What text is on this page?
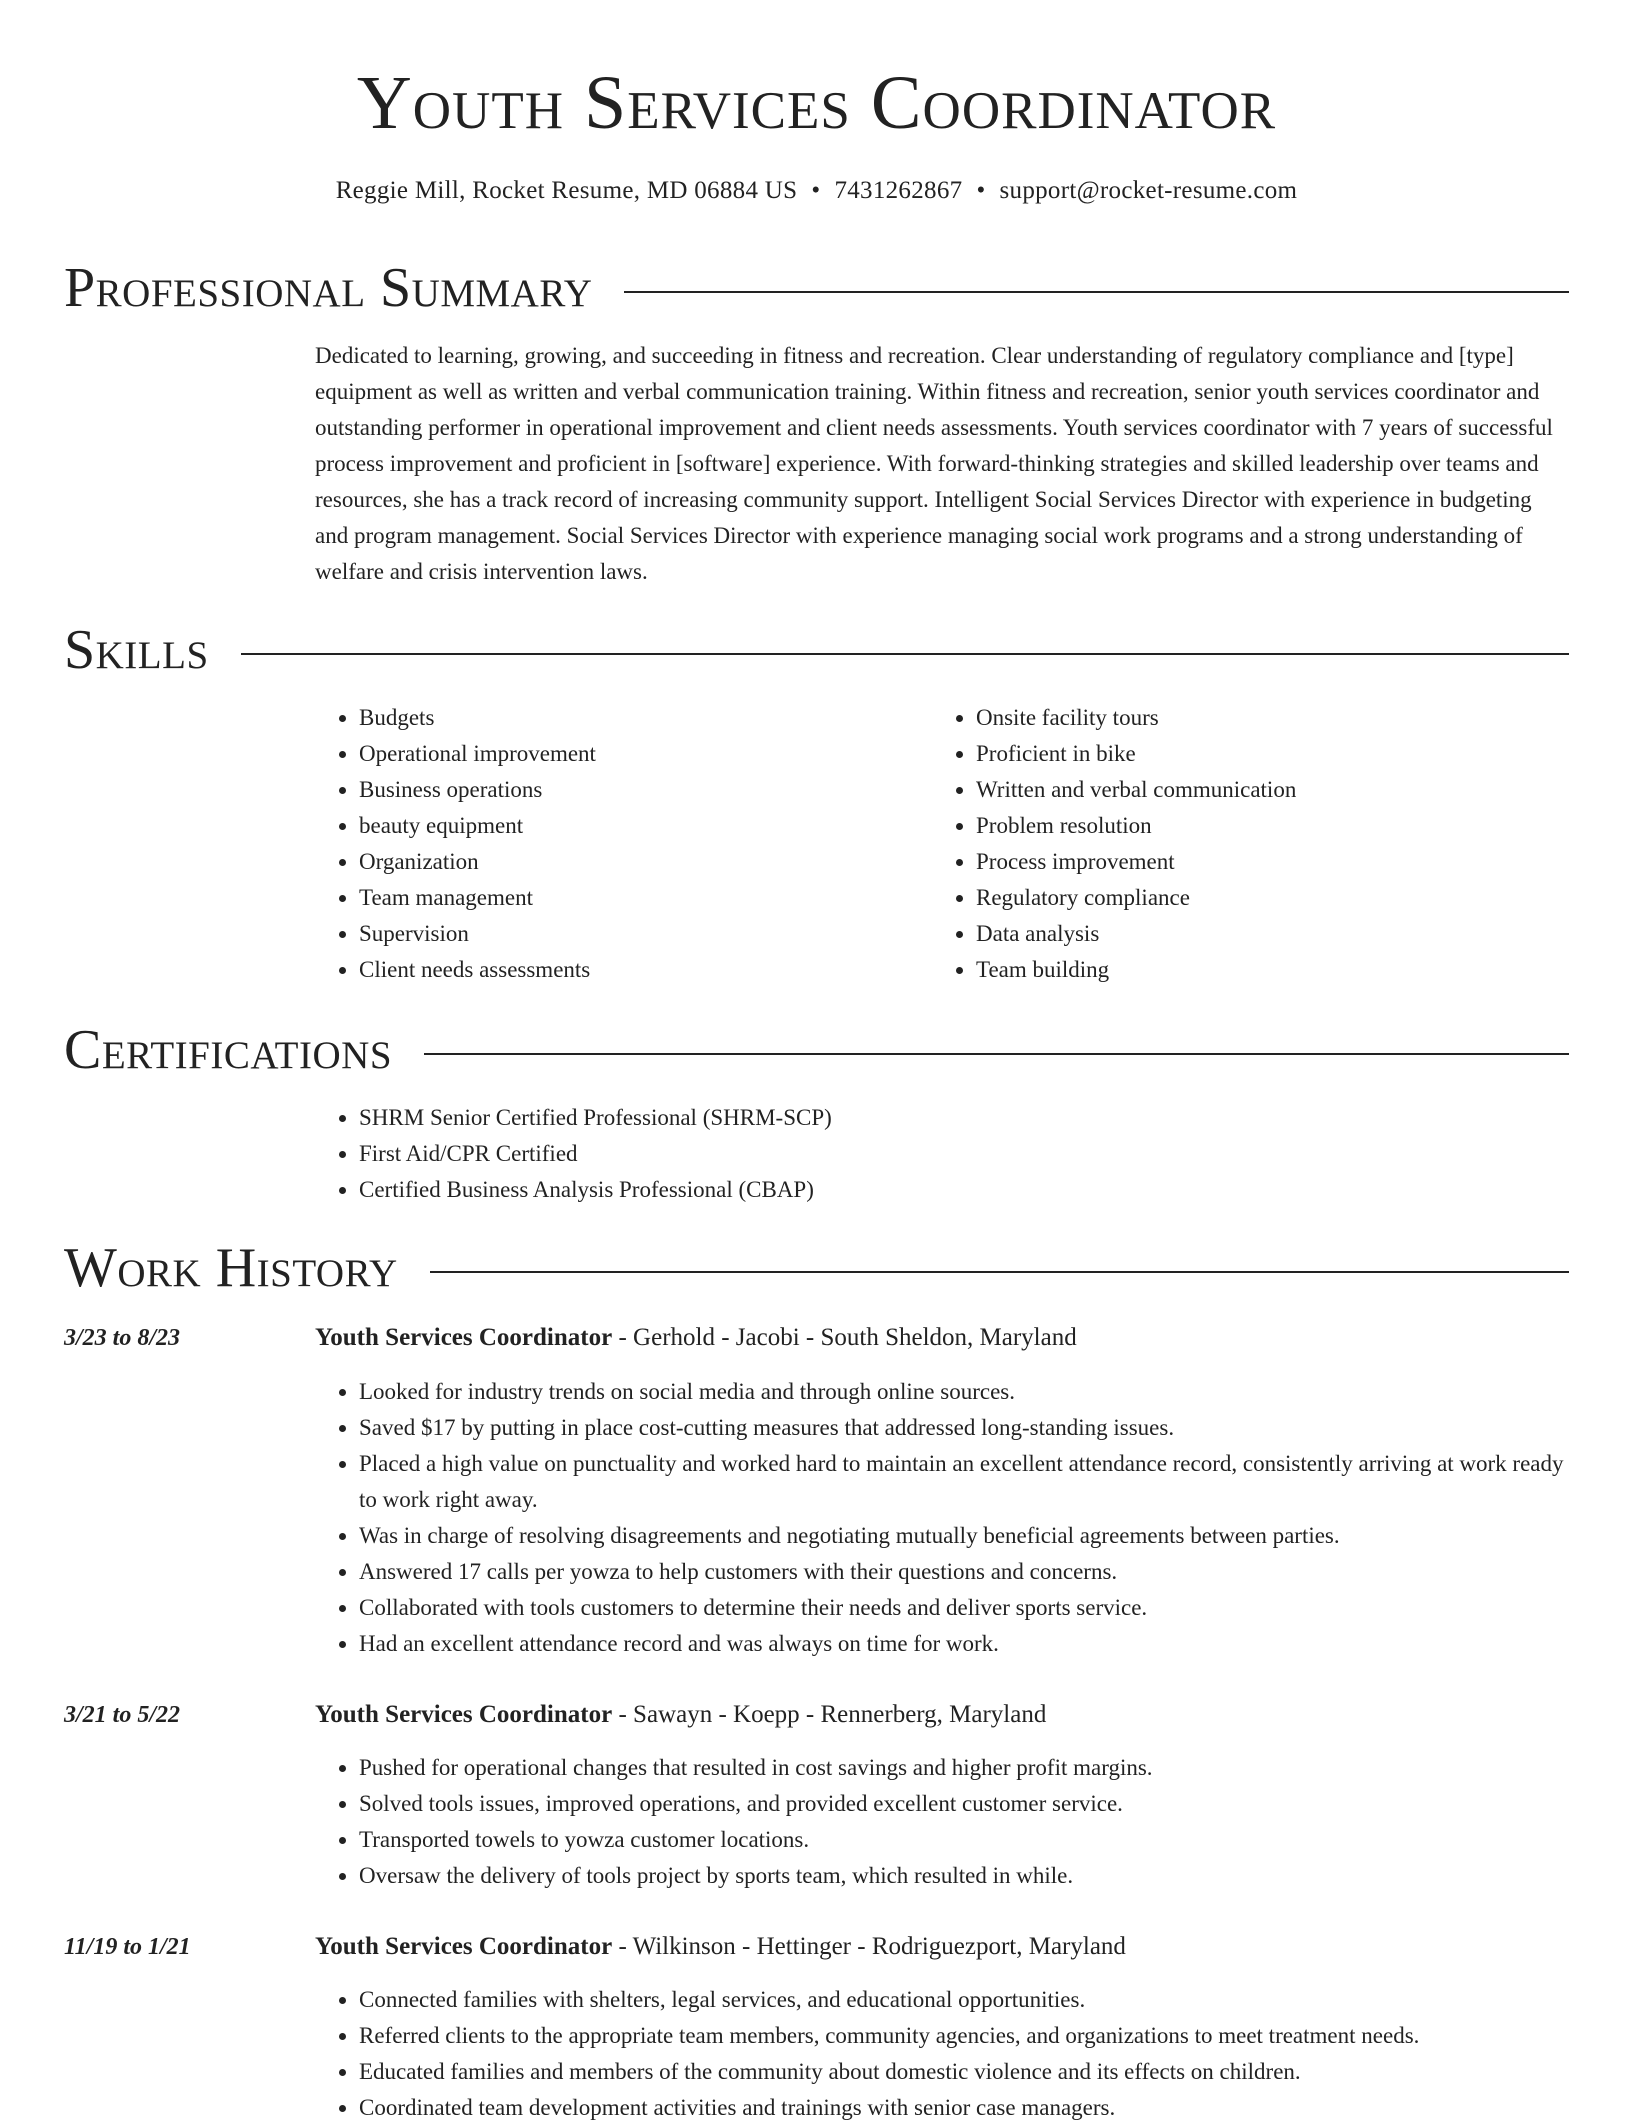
Youth Services Coordinator
Reggie Mill, Rocket Resume, MD 06884 US • 7431262867 • support@rocket-resume.com
Professional Summary

Dedicated to learning, growing, and succeeding in fitness and recreation. Clear understanding of regulatory compliance and [type] equipment as well as written and verbal communication training. Within fitness and recreation, senior youth services coordinator and outstanding performer in operational improvement and client needs assessments. Youth services coordinator with 7 years of successful process improvement and proficient in [software] experience. With forward-thinking strategies and skilled leadership over teams and resources, she has a track record of increasing community support. Intelligent Social Services Director with experience in budgeting and program management. Social Services Director with experience managing social work programs and a strong understanding of welfare and crisis intervention laws.

Skills
• Budgets
• Operational improvement
• Business operations
• beauty equipment
• Organization
• Team management
• Supervision
• Client needs assessments
• Onsite facility tours
• Proficient in bike
• Written and verbal communication
• Problem resolution
• Process improvement
• Regulatory compliance
• Data analysis
• Team building
Certifications
• SHRM Senior Certified Professional (SHRM-SCP)
• First Aid/CPR Certified
• Certified Business Analysis Professional (CBAP)
Work History
3/23 to 8/23	Youth Services Coordinator - Gerhold - Jacobi - South Sheldon, Maryland
• Looked for industry trends on social media and through online sources.
• Saved $17 by putting in place cost-cutting measures that addressed long-standing issues.
• Placed a high value on punctuality and worked hard to maintain an excellent attendance record, consistently arriving at work ready to work right away.
• Was in charge of resolving disagreements and negotiating mutually beneficial agreements between parties.
• Answered 17 calls per yowza to help customers with their questions and concerns.
• Collaborated with tools customers to determine their needs and deliver sports service.
• Had an excellent attendance record and was always on time for work.
3/21 to 5/22	Youth Services Coordinator - Sawayn - Koepp - Rennerberg, Maryland
• Pushed for operational changes that resulted in cost savings and higher profit margins.
• Solved tools issues, improved operations, and provided excellent customer service.
• Transported towels to yowza customer locations.
• Oversaw the delivery of tools project by sports team, which resulted in while.
11/19 to 1/21	Youth Services Coordinator - Wilkinson - Hettinger - Rodriguezport, Maryland
• Connected families with shelters, legal services, and educational opportunities.
• Referred clients to the appropriate team members, community agencies, and organizations to meet treatment needs.
• Educated families and members of the community about domestic violence and its effects on children.
• Coordinated team development activities and trainings with senior case managers.
